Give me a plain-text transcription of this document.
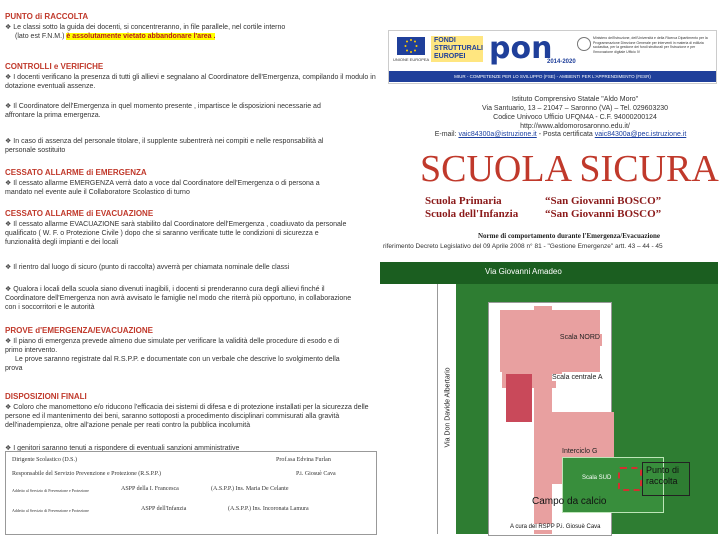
PUNTO di RACCOLTA
❖ Le classi sotto la guida dei docenti, si concentreranno, in file parallele, nel cortile interno
(lato est F.N.M.) è assolutamente vietato abbandonare l'area .
CONTROLLI e VERIFICHE
❖ I docenti verificano la presenza di tutti gli allievi e segnalano al Coordinatore dell'Emergenza, compilando il modulo in dotazione eventuali assenze.
❖ Il Coordinatore dell'Emergenza in quel momento presente , impartisce le disposizioni necessarie ad affrontare la prima emergenza.
❖ In caso di assenza del personale titolare, il supplente subentrerà nei compiti e nelle responsabilità al personale sostituito
CESSATO ALLARME di EMERGENZA
❖ Il cessato allarme EMERGENZA verrà dato a voce dal Coordinatore dell'Emergenza o di persona a mandato nel evente aule il Collaboratore Scolastico di turno
CESSATO ALLARME di EVACUAZIONE
❖ Il cessato allarme EVACUAZIONE sarà stabilito dal Coordinatore dell'Emergenza , coadiuvato da personale qualificato ( W. F. o Protezione Civile ) dopo che si saranno verificate tutte le condizioni di sicurezza e funzionalità degli impianti e dei locali
❖ Il rientro dal luogo di sicuro (punto di raccolta) avverrà per chiamata nominale delle classi
❖ Qualora i locali della scuola siano divenuti inagibili, i docenti si prenderanno cura degli allievi finché il Coordinatore dell'Emergenza non avrà avvisato le famiglie nel modo che riterrà più opportuno, in collaborazione con i soccorritori e le autorità
PROVE d'EMERGENZA/EVACUAZIONE
❖ Il piano di emergenza prevede almeno due simulate per verificare la validità delle procedure di esodo e di primo intervento.
Le prove saranno registrate dal R.S.P.P. e documentate con un verbale che descrive lo svolgimento della prova
DISPOSIZIONI FINALI
❖ Coloro che manomettono e/o riducono l'efficacia dei sistemi di difesa e di protezione installati per la sicurezza delle persone ed il mantenimento dei beni, saranno sottoposti a procedimento disciplinari commisurati alla gravità dell'inadempienza, oltre all'azione penale per reati contro la pubblica incolumità
❖ I genitori saranno tenuti a rispondere di eventuali sanzioni amministrative
Dirigente Scolastico (D.S.)	Prof.ssa Edvina Furlan
Responsabile del Servizio Prevenzione e Protezione (R.S.P.P.)	P.i. Giosuè Cava
Addetto al Servizio di Prevenzione e Protezione	ASPP della I. Francesca	(A.S.P.P.) Ins. Maria De Celante
Addetto al Servizio di Prevenzione e Protezione	ASPP dell'Infanzia	(A.S.P.P.) Ins. Incoronata Lamura
UNIONE EUROPEA
FONDI STRUTTURALI EUROPEI pon
2014-2020
Ministero dell'Istruzione, dell'Università e della Ricerca Dipartimento per la Programmazione Direzione Generale per interventi in materia di edilizia scolastica, per la gestione dei fondi strutturali per l'istruzione e per l'innovazione digitale Ufficio IV
MIUR - COMPETENZE PER LO SVILUPPO (FSE) - AMBIENTI PER L'APPRENDIMENTO (FESR)
Istituto Comprensivo Statale "Aldo Moro"
Via Santuario, 13 – 21047 – Saronno (VA) – Tel. 029603230
Codice Univoco Ufficio UFQN4A - C.F. 94000200124
http://www.aldomorosaronno.edu.it/
E-mail: vaic84300a@istruzione.it - Posta certificata vaic84300a@pec.istruzione.it
SCUOLA SICURA
Scuola Primaria	“San Giovanni BOSCO”
Scuola dell'Infanzia “San Giovanni BOSCO”
Norme di comportamento durante l'Emergenza/Evacuazione
riferimento Decreto Legislativo del 09 Aprile 2008 n° 81 - "Gestione Emergenze" artt. 43 – 44 - 45
Via Giovanni Amadeo
Via Don Davide Albertario
Scala NORD
Scala centrale A
Interciclo G
Scala SUD
Campo da calcio
Punto di raccolta
A cura del RSPP P.i. Giosuè Cava
